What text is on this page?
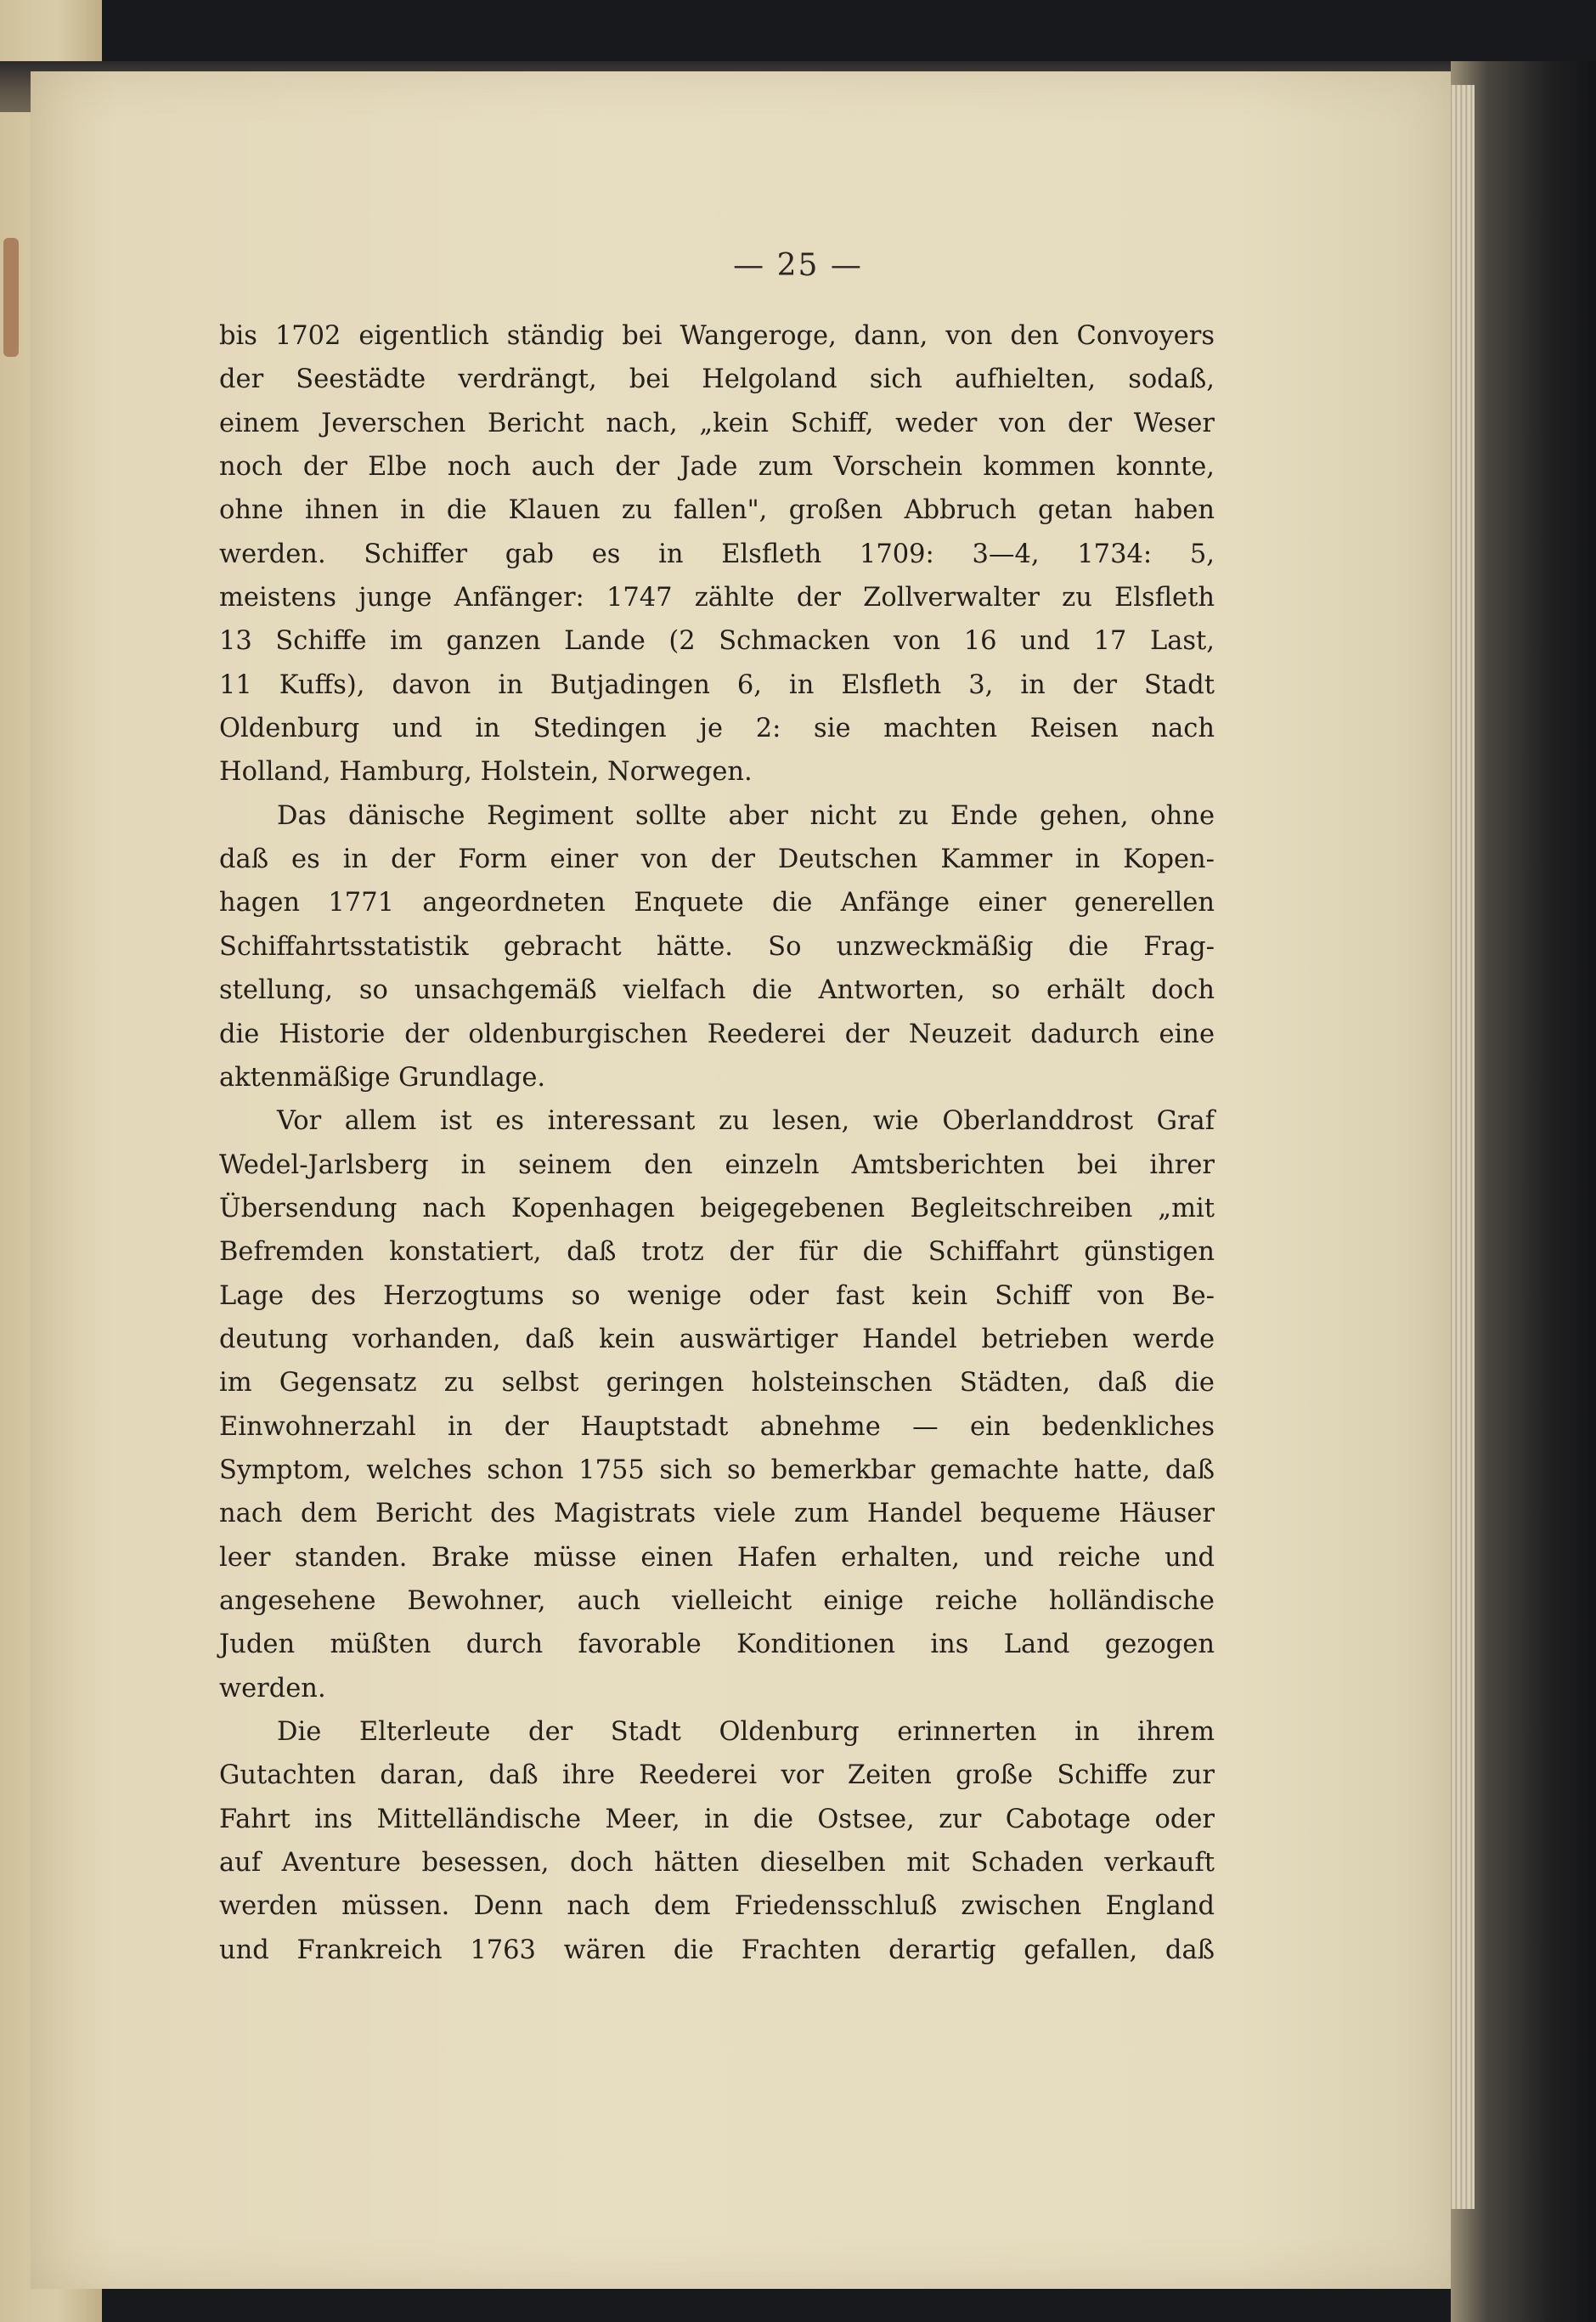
— 25 —
bis 1702 eigentlich ständig bei Wangeroge, dann, von den Convoyers
der Seestädte verdrängt, bei Helgoland sich aufhielten, sodaß,
einem Jeverschen Bericht nach, „kein Schiff, weder von der Weser
noch der Elbe noch auch der Jade zum Vorschein kommen konnte,
ohne ihnen in die Klauen zu fallen", großen Abbruch getan haben
werden. Schiffer gab es in Elsfleth 1709: 3—4, 1734: 5,
meistens junge Anfänger: 1747 zählte der Zollverwalter zu Elsfleth
13 Schiffe im ganzen Lande (2 Schmacken von 16 und 17 Last,
11 Kuffs), davon in Butjadingen 6, in Elsfleth 3, in der Stadt
Oldenburg und in Stedingen je 2: sie machten Reisen nach
Holland, Hamburg, Holstein, Norwegen.
Das dänische Regiment sollte aber nicht zu Ende gehen, ohne
daß es in der Form einer von der Deutschen Kammer in Kopen-
hagen 1771 angeordneten Enquete die Anfänge einer generellen
Schiffahrtsstatistik gebracht hätte. So unzweckmäßig die Frag-
stellung, so unsachgemäß vielfach die Antworten, so erhält doch
die Historie der oldenburgischen Reederei der Neuzeit dadurch eine
aktenmäßige Grundlage.
Vor allem ist es interessant zu lesen, wie Oberlanddrost Graf
Wedel-Jarlsberg in seinem den einzeln Amtsberichten bei ihrer
Übersendung nach Kopenhagen beigegebenen Begleitschreiben „mit
Befremden konstatiert, daß trotz der für die Schiffahrt günstigen
Lage des Herzogtums so wenige oder fast kein Schiff von Be-
deutung vorhanden, daß kein auswärtiger Handel betrieben werde
im Gegensatz zu selbst geringen holsteinschen Städten, daß die
Einwohnerzahl in der Hauptstadt abnehme — ein bedenkliches
Symptom, welches schon 1755 sich so bemerkbar gemachte hatte, daß
nach dem Bericht des Magistrats viele zum Handel bequeme Häuser
leer standen. Brake müsse einen Hafen erhalten, und reiche und
angesehene Bewohner, auch vielleicht einige reiche holländische
Juden müßten durch favorable Konditionen ins Land gezogen
werden.
Die Elterleute der Stadt Oldenburg erinnerten in ihrem
Gutachten daran, daß ihre Reederei vor Zeiten große Schiffe zur
Fahrt ins Mittelländische Meer, in die Ostsee, zur Cabotage oder
auf Aventure besessen, doch hätten dieselben mit Schaden verkauft
werden müssen. Denn nach dem Friedensschluß zwischen England
und Frankreich 1763 wären die Frachten derartig gefallen, daß
